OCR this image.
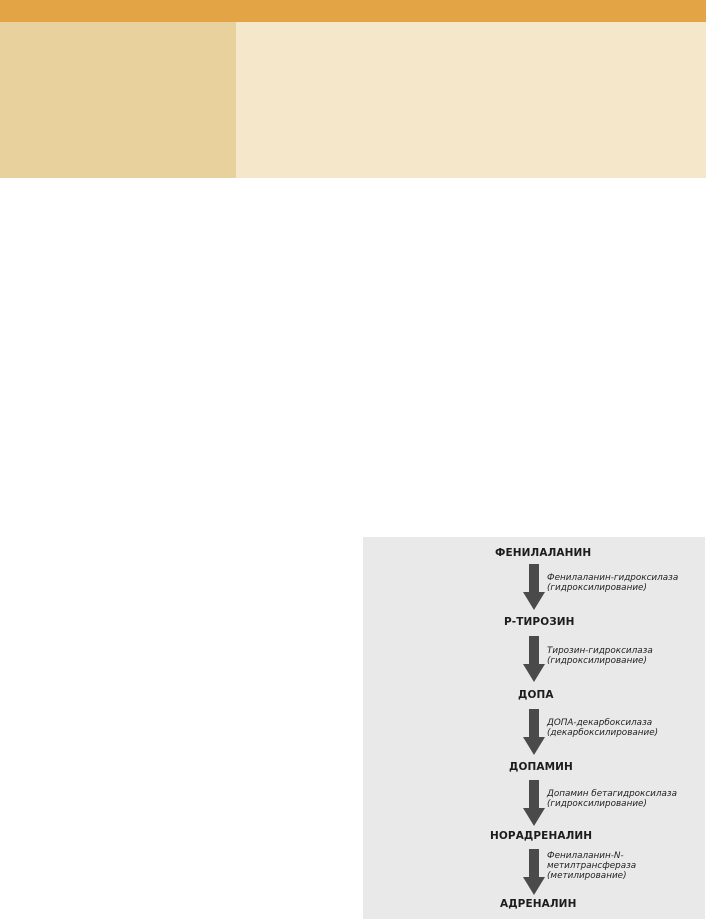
ФЕНИЛАЛАНИН
Фенилаланин-гидроксилаза
(гидроксилирование)
Р-ТИРОЗИН
Тирозин-гидроксилаза
(гидроксилирование)
ДОПА
ДОПА-декарбоксилаза
(декарбоксилирование)
ДОПАМИН
Допамин бетагидроксилаза
(гидроксилирование)
НОРАДРЕНАЛИН
Фенилаланин-N-
метилтрансфераза
(метилирование)
АДРЕНАЛИН
